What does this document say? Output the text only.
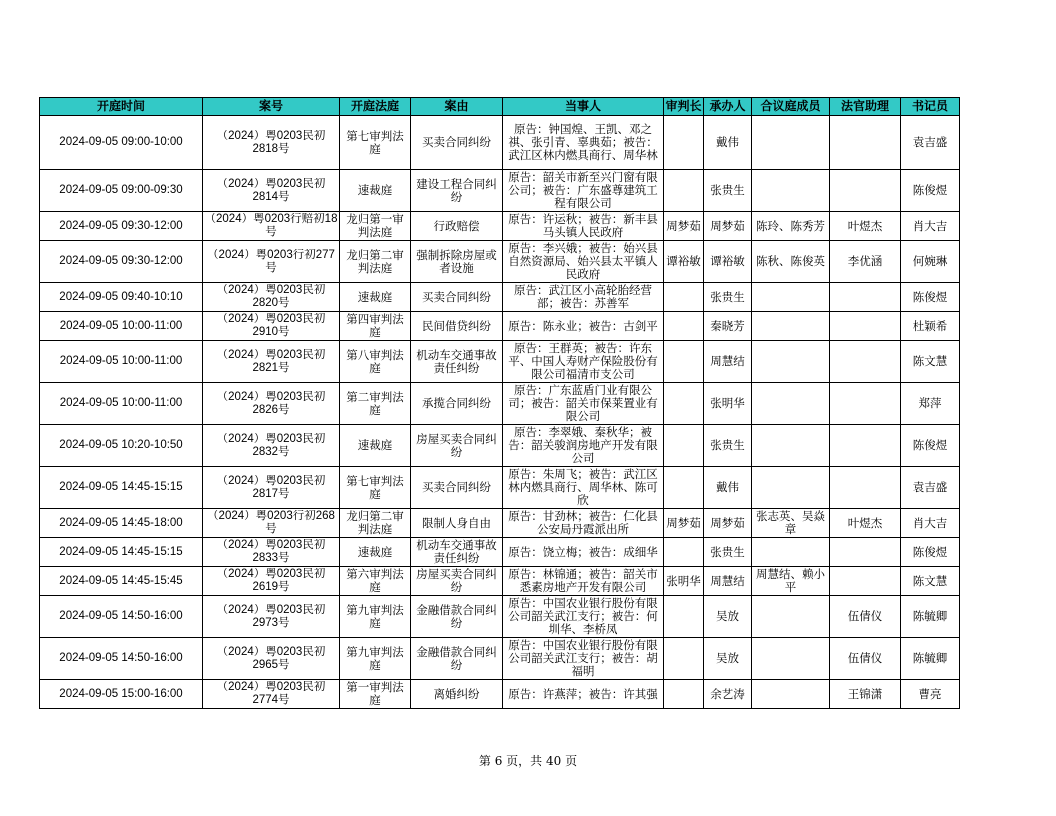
开庭时间	案号	开庭法庭	案由	当事人	审判长	承办人	合议庭成员	法官助理	书记员

2024-09-05 09:00-10:00	（2024）粤0203民初2818号	第七审判法庭	买卖合同纠纷	原告：钟国煌、王凯、邓之祺、张引青、辜典茹；被告：武江区林内燃具商行、周华林		戴伟			袁吉盛

2024-09-05 09:00-09:30	（2024）粤0203民初2814号	速裁庭	建设工程合同纠纷	原告：韶关市新至兴门窗有限公司；被告：广东盛尊建筑工程有限公司		张贵生			陈俊煜

2024-09-05 09:30-12:00	（2024）粤0203行赔初18号	龙归第一审判法庭	行政赔偿	原告：许运秋；被告：新丰县马头镇人民政府	周梦茹	周梦茹	陈玲、陈秀芳	叶煜杰	肖大吉

2024-09-05 09:30-12:00	（2024）粤0203行初277号	龙归第二审判法庭	强制拆除房屋或者设施	原告：李兴娥；被告：始兴县自然资源局、始兴县太平镇人民政府	谭裕敏	谭裕敏	陈秋、陈俊英	李优涵	何婉琳

2024-09-05 09:40-10:10	（2024）粤0203民初2820号	速裁庭	买卖合同纠纷	原告：武江区小高轮胎经营部；被告：苏善军		张贵生			陈俊煜

2024-09-05 10:00-11:00	（2024）粤0203民初2910号	第四审判法庭	民间借贷纠纷	原告：陈永业；被告：古剑平		秦晓芳			杜颖希

2024-09-05 10:00-11:00	（2024）粤0203民初2821号	第八审判法庭	机动车交通事故责任纠纷	原告：王群英；被告：许东平、中国人寿财产保险股份有限公司福清市支公司		周慧结			陈文慧

2024-09-05 10:00-11:00	（2024）粤0203民初2826号	第二审判法庭	承揽合同纠纷	原告：广东蓝盾门业有限公司；被告：韶关市保莱置业有限公司		张明华			郑萍

2024-09-05 10:20-10:50	（2024）粤0203民初2832号	速裁庭	房屋买卖合同纠纷	原告：李翠娥、秦秋华；被告：韶关骏润房地产开发有限公司		张贵生			陈俊煜

2024-09-05 14:45-15:15	（2024）粤0203民初2817号	第七审判法庭	买卖合同纠纷	原告：朱周飞；被告：武江区林内燃具商行、周华林、陈可欣		戴伟			袁吉盛

2024-09-05 14:45-18:00	（2024）粤0203行初268号	龙归第二审判法庭	限制人身自由	原告：甘劲林；被告：仁化县公安局丹霞派出所	周梦茹	周梦茹	张志英、吴焱章	叶煜杰	肖大吉

2024-09-05 14:45-15:15	（2024）粤0203民初2833号	速裁庭	机动车交通事故责任纠纷	原告：饶立梅；被告：成细华		张贵生			陈俊煜

2024-09-05 14:45-15:45	（2024）粤0203民初2619号	第六审判法庭	房屋买卖合同纠纷	原告：林锦通；被告：韶关市悉素房地产开发有限公司	张明华	周慧结	周慧结、赖小平		陈文慧

2024-09-05 14:50-16:00	（2024）粤0203民初2973号	第九审判法庭	金融借款合同纠纷	原告：中国农业银行股份有限公司韶关武江支行；被告：何圳华、李桥凤		吴放		伍倩仪	陈毓卿

2024-09-05 14:50-16:00	（2024）粤0203民初2965号	第九审判法庭	金融借款合同纠纷	原告：中国农业银行股份有限公司韶关武江支行；被告：胡福明		吴放		伍倩仪	陈毓卿

2024-09-05 15:00-16:00	（2024）粤0203民初2774号	第一审判法庭	离婚纠纷	原告：许燕萍；被告：许其强		余艺涛		王锦潇	曹亮
第 6 页，共 40 页
